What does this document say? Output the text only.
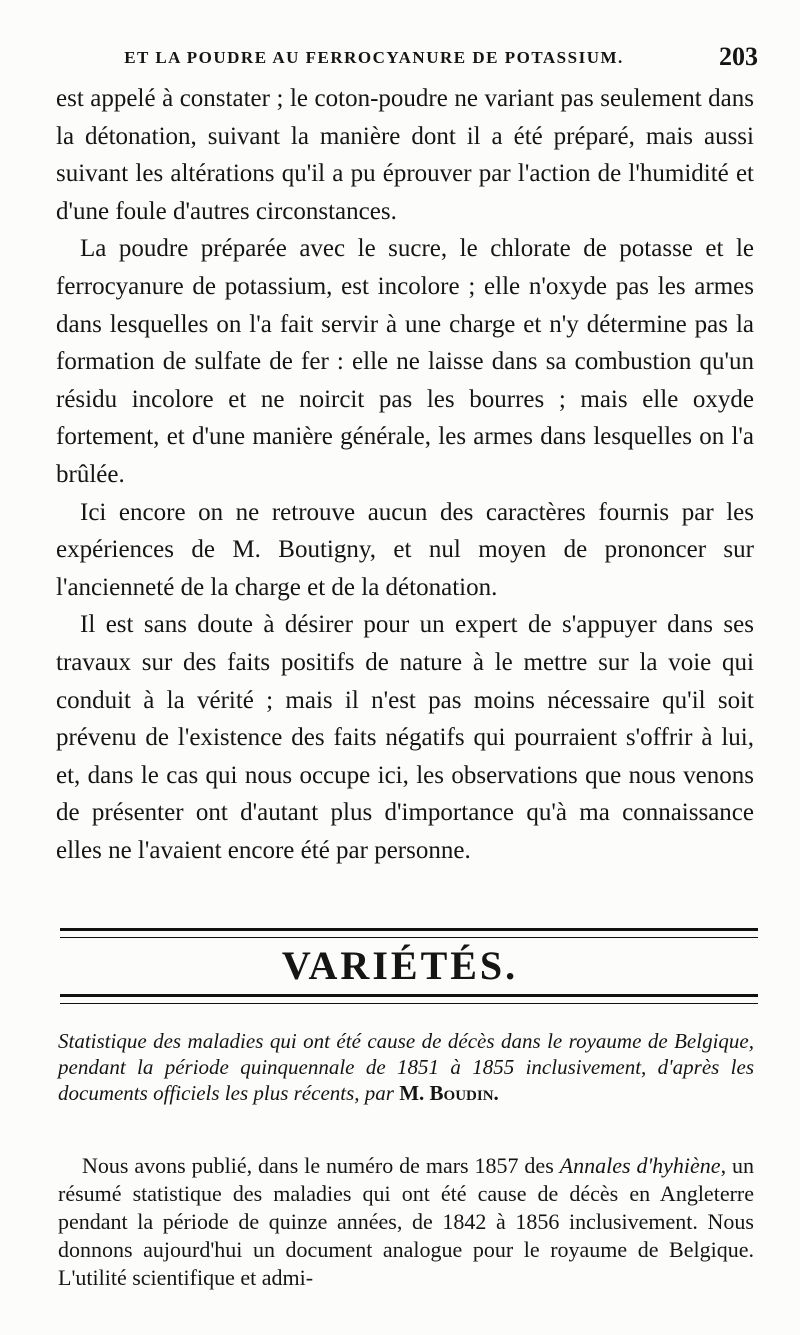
ET LA POUDRE AU FERROCYANURE DE POTASSIUM.	203

est appelé à constater ; le coton-poudre ne variant pas seulement dans la détonation, suivant la manière dont il a été préparé, mais aussi suivant les altérations qu'il a pu éprouver par l'action de l'humidité et d'une foule d'autres circonstances.

La poudre préparée avec le sucre, le chlorate de potasse et le ferrocyanure de potassium, est incolore ; elle n'oxyde pas les armes dans lesquelles on l'a fait servir à une charge et n'y détermine pas la formation de sulfate de fer : elle ne laisse dans sa combustion qu'un résidu incolore et ne noircit pas les bourres ; mais elle oxyde fortement, et d'une manière générale, les armes dans lesquelles on l'a brûlée.

Ici encore on ne retrouve aucun des caractères fournis par les expériences de M. Boutigny, et nul moyen de prononcer sur l'ancienneté de la charge et de la détonation.

Il est sans doute à désirer pour un expert de s'appuyer dans ses travaux sur des faits positifs de nature à le mettre sur la voie qui conduit à la vérité ; mais il n'est pas moins nécessaire qu'il soit prévenu de l'existence des faits négatifs qui pourraient s'offrir à lui, et, dans le cas qui nous occupe ici, les observations que nous venons de présenter ont d'autant plus d'importance qu'à ma connaissance elles ne l'avaient encore été par personne.

VARIÉTÉS.
Statistique des maladies qui ont été cause de décès dans le royaume de Belgique, pendant la période quinquennale de 1851 à 1855 inclusivement, d'après les documents officiels les plus récents, par M. Boudin.

Nous avons publié, dans le numéro de mars 1857 des Annales d'hyhiène, un résumé statistique des maladies qui ont été cause de décès en Angleterre pendant la période de quinze années, de 1842 à 1856 inclusivement. Nous donnons aujourd'hui un document analogue pour le royaume de Belgique. L'utilité scientifique et admi-
